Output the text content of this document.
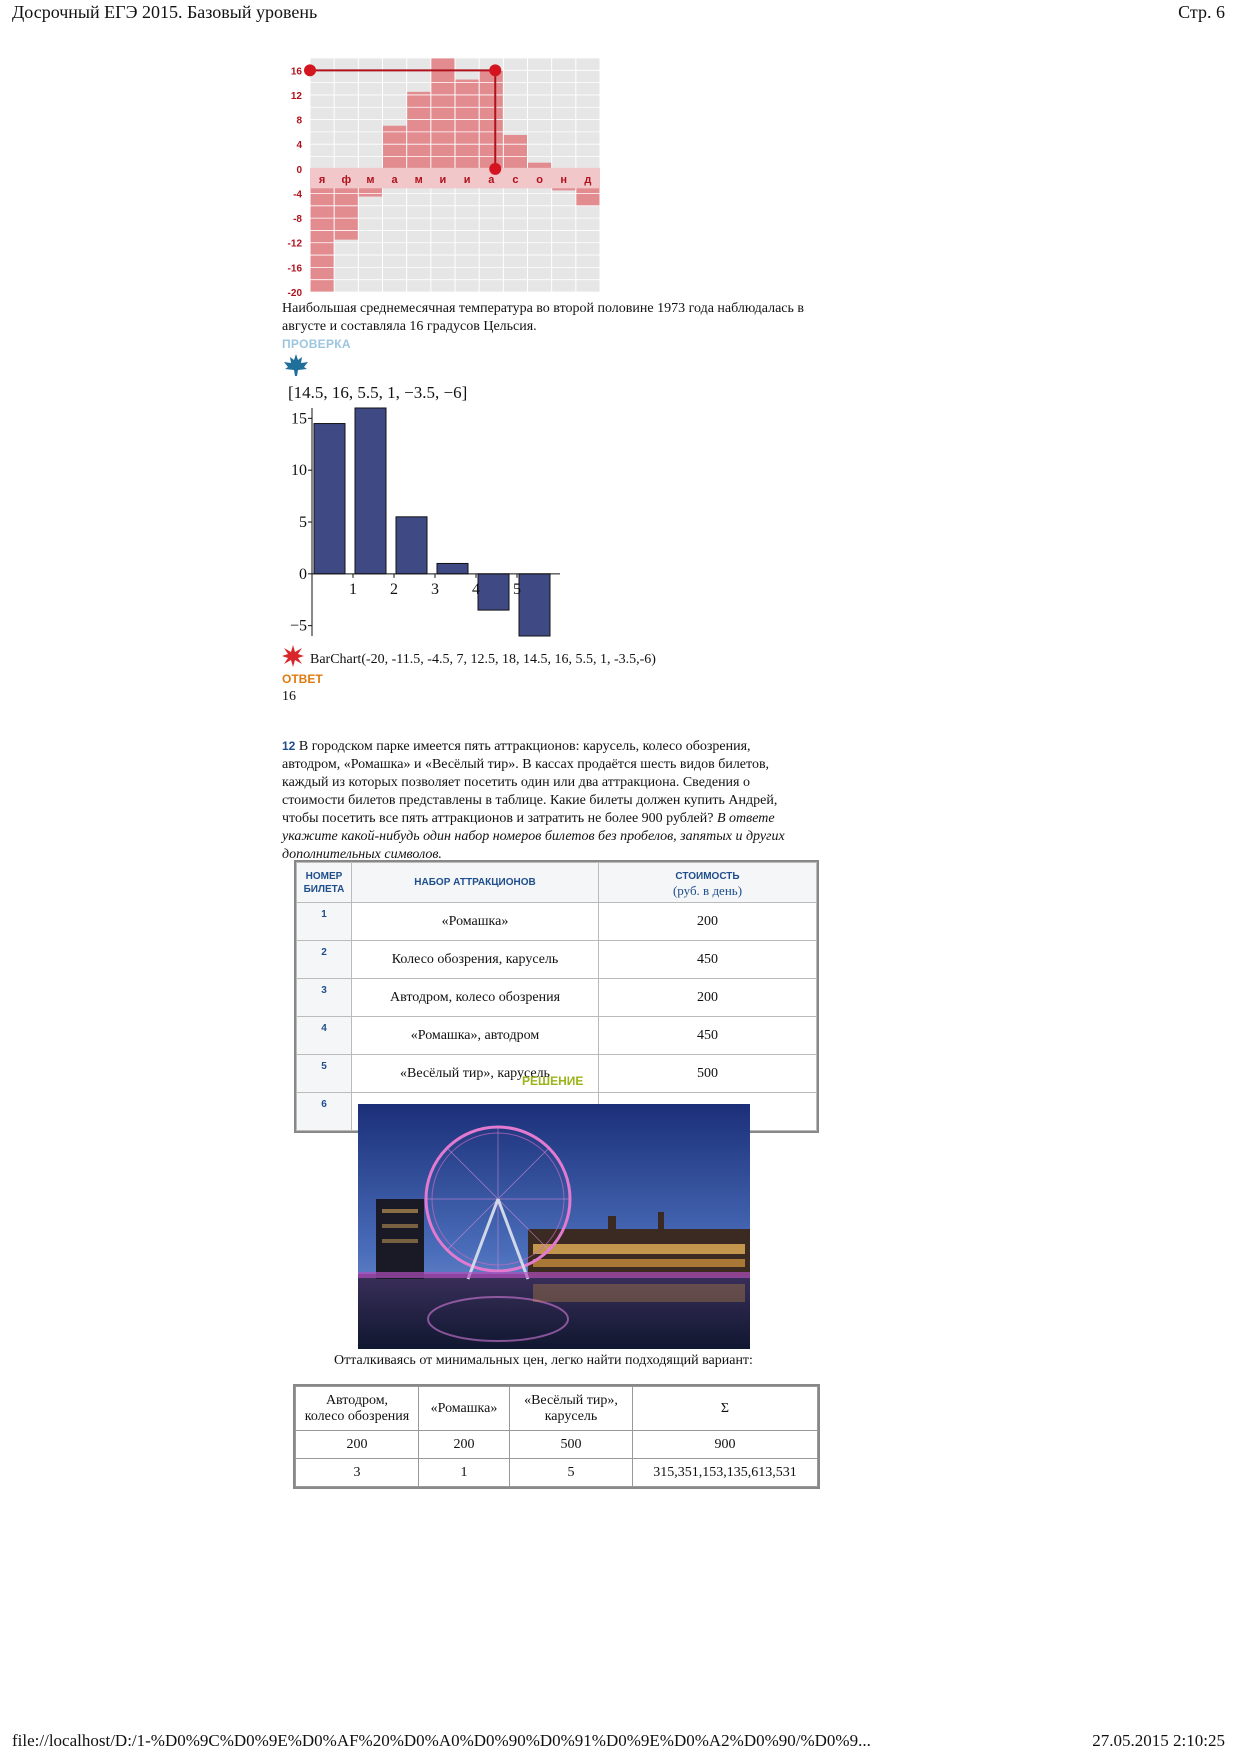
Досрочный ЕГЭ 2015. Базовый уровень	Стр. 6
я ф м а м и и а с о н д
16
12
8
4
0
-4
-8
-12
-16
-20
Наибольшая среднемесячная температура во второй половине 1973 года наблюдалась в
августе и составляла 16 градусов Цельсия.
ПРОВЕРКА
[14.5, 16, 5.5, 1, −3.5, −6]
15
10
5
0
−5
1 2 3 4 5
BarChart(-20, -11.5, -4.5, 7, 12.5, 18, 14.5, 16, 5.5, 1, -3.5,-6)
ОТВЕТ
16
12 В городском парке имеется пять аттракционов: карусель, колесо обозрения,
автодром, «Ромашка» и «Весёлый тир». В кассах продаётся шесть видов билетов,
каждый из которых позволяет посетить один или два аттракциона. Сведения о
стоимости билетов представлены в таблице. Какие билеты должен купить Андрей,
чтобы посетить все пять аттракционов и затратить не более 900 рублей? В ответе
укажите какой-нибудь один набор номеров билетов без пробелов, запятых и других
дополнительных символов.
НОМЕР
БИЛЕТА	НАБОР АТТРАКЦИОНОВ	СТОИМОСТЬ
(руб. в день)
1	«Ромашка»	200
2	Колесо обозрения, карусель	450
3	Автодром, колесо обозрения	200
4	«Ромашка», автодром	450
5	«Весёлый тир», карусель	500
6		
РЕШЕНИЕ
Отталкиваясь от минимальных цен, легко найти подходящий вариант:
Автодром,
колесо обозрения	«Ромашка»	«Весёлый тир»,
карусель	Σ
200	200	500	900
3	1	5	315,351,153,135,613,531
file://localhost/D:/1-%D0%9C%D0%9E%D0%AF%20%D0%A0%D0%90%D0%91%D0%9E%D0%A2%D0%90/%D0%9...	27.05.2015 2:10:25
